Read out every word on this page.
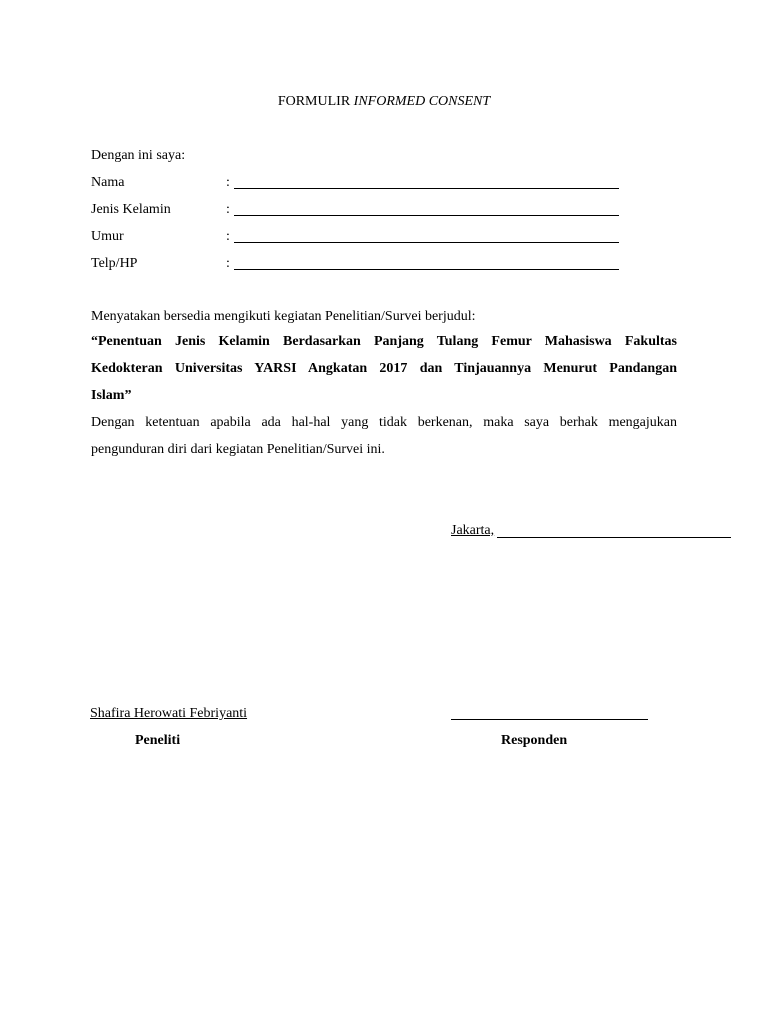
FORMULIR INFORMED CONSENT
Dengan ini saya:
Nama	:
Jenis Kelamin	:
Umur	:
Telp/HP	:
Menyatakan bersedia mengikuti kegiatan Penelitian/Survei berjudul:
“Penentuan Jenis Kelamin Berdasarkan Panjang Tulang Femur Mahasiswa Fakultas
Kedokteran Universitas YARSI Angkatan 2017 dan Tinjauannya Menurut Pandangan
Islam”
Dengan ketentuan apabila ada hal-hal yang tidak berkenan, maka saya berhak mengajukan
pengunduran diri dari kegiatan Penelitian/Survei ini.
Jakarta,
Shafira Herowati Febriyanti
Peneliti	Responden
